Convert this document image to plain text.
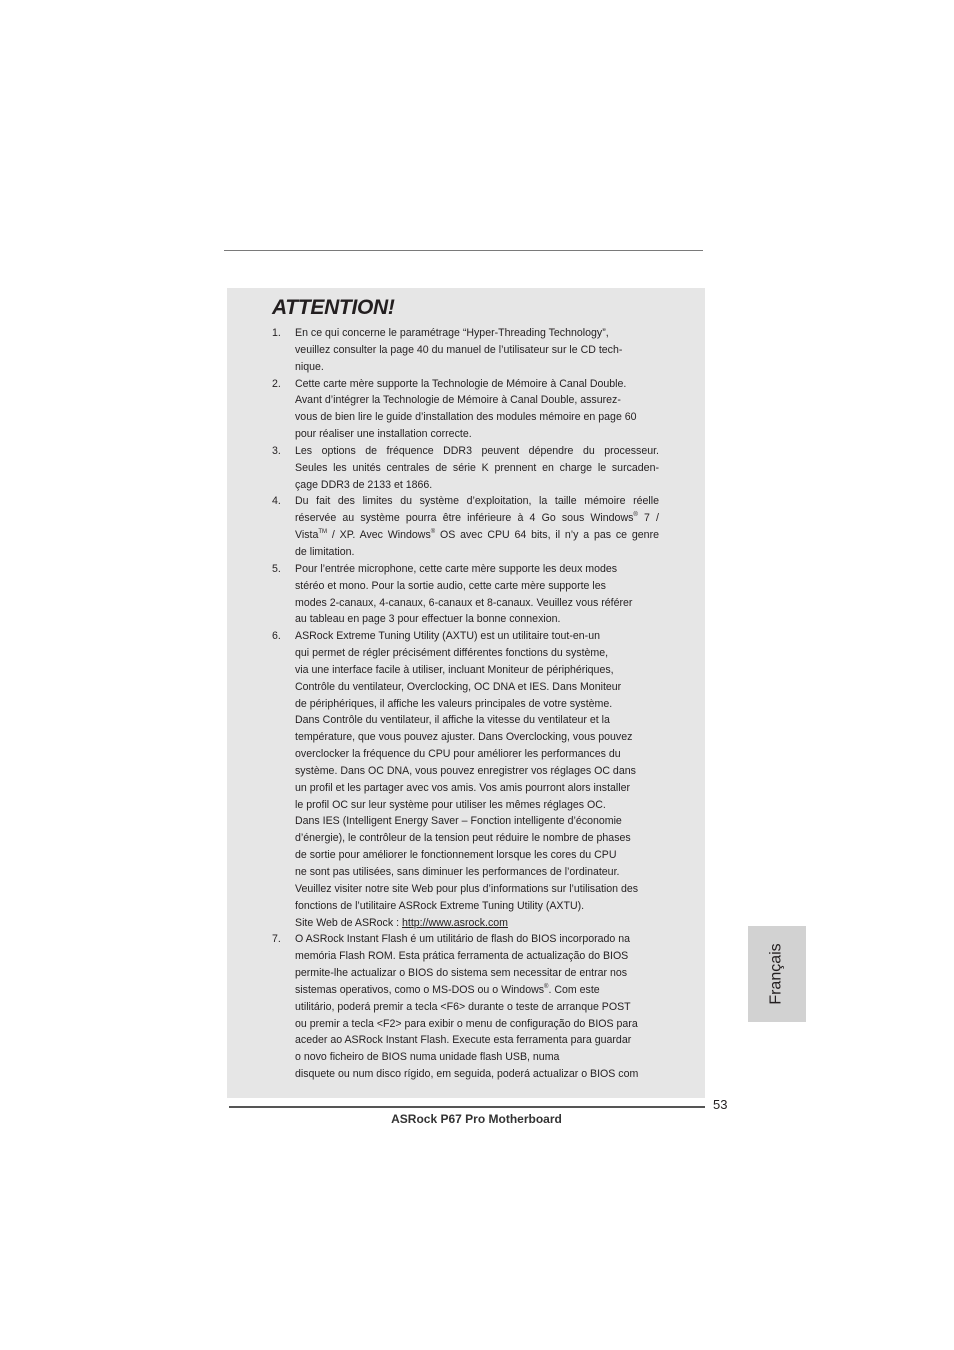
ATTENTION!
1. En ce qui concerne le paramétrage “Hyper-Threading Technology”,
veuillez consulter la page 40 du manuel de l’utilisateur sur le CD tech-
nique.
2. Cette carte mère supporte la Technologie de Mémoire à Canal Double.
Avant d’intégrer la Technologie de Mémoire à Canal Double, assurez-
vous de bien lire le guide d’installation des modules mémoire en page 60
pour réaliser une installation correcte.
3. Les options de fréquence DDR3 peuvent dépendre du processeur.
Seules les unités centrales de série K prennent en charge le surcaden-
çage DDR3 de 2133 et 1866.
4. Du fait des limites du système d’exploitation, la taille mémoire réelle
réservée au système pourra être inférieure à 4 Go sous Windows® 7 /
Vista™ / XP. Avec Windows® OS avec CPU 64 bits, il n’y a pas ce genre
de limitation.
5. Pour l’entrée microphone, cette carte mère supporte les deux modes
stéréo et mono. Pour la sortie audio, cette carte mère supporte les
modes 2-canaux, 4-canaux, 6-canaux et 8-canaux. Veuillez vous référer
au tableau en page 3 pour effectuer la bonne connexion.
6. ASRock Extreme Tuning Utility (AXTU) est un utilitaire tout-en-un
qui permet de régler précisément différentes fonctions du système,
via une interface facile à utiliser, incluant Moniteur de périphériques,
Contrôle du ventilateur, Overclocking, OC DNA et IES. Dans Moniteur
de périphériques, il affiche les valeurs principales de votre système.
Dans Contrôle du ventilateur, il affiche la vitesse du ventilateur et la
température, que vous pouvez ajuster. Dans Overclocking, vous pouvez
overclocker la fréquence du CPU pour améliorer les performances du
système. Dans OC DNA, vous pouvez enregistrer vos réglages OC dans
un profil et les partager avec vos amis. Vos amis pourront alors installer
le profil OC sur leur système pour utiliser les mêmes réglages OC.
Dans IES (Intelligent Energy Saver – Fonction intelligente d’économie
d’énergie), le contrôleur de la tension peut réduire le nombre de phases
de sortie pour améliorer le fonctionnement lorsque les cores du CPU
ne sont pas utilisées, sans diminuer les performances de l’ordinateur.
Veuillez visiter notre site Web pour plus d’informations sur l’utilisation des
fonctions de l’utilitaire ASRock Extreme Tuning Utility (AXTU).
Site Web de ASRock : http://www.asrock.com
7. O ASRock Instant Flash é um utilitário de flash do BIOS incorporado na
memória Flash ROM. Esta prática ferramenta de actualização do BIOS
permite-lhe actualizar o BIOS do sistema sem necessitar de entrar nos
sistemas operativos, como o MS-DOS ou o Windows®. Com este
utilitário, poderá premir a tecla <F6> durante o teste de arranque POST
ou premir a tecla <F2> para exibir o menu de configuração do BIOS para
aceder ao ASRock Instant Flash. Execute esta ferramenta para guardar
o novo ficheiro de BIOS numa unidade flash USB, numa
disquete ou num disco rígido, em seguida, poderá actualizar o BIOS com
Français
53
ASRock P67 Pro Motherboard
